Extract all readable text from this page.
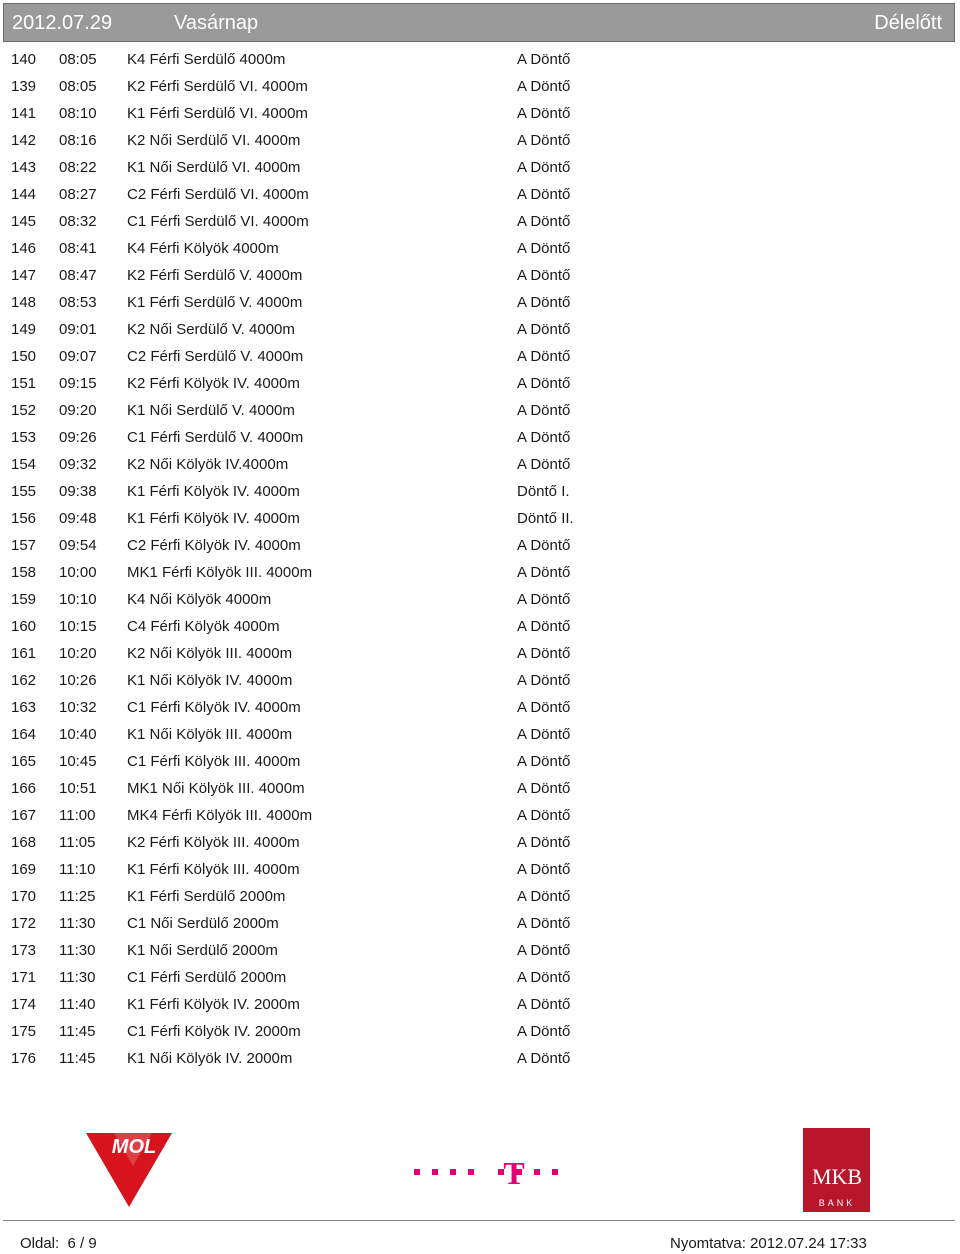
2012.07.29	Vasárnap	Délelőtt
140 08:05 K4 Férfi Serdülő 4000m	A Döntő
139 08:05 K2 Férfi Serdülő VI. 4000m	A Döntő
141 08:10 K1 Férfi Serdülő VI. 4000m	A Döntő
142 08:16 K2 Női Serdülő VI. 4000m	A Döntő
143 08:22 K1 Női Serdülő VI. 4000m	A Döntő
144 08:27 C2 Férfi Serdülő VI. 4000m	A Döntő
145 08:32 C1 Férfi Serdülő VI. 4000m	A Döntő
146 08:41 K4 Férfi Kölyök 4000m	A Döntő
147 08:47 K2 Férfi Serdülő V. 4000m	A Döntő
148 08:53 K1 Férfi Serdülő V. 4000m	A Döntő
149 09:01 K2 Női Serdülő V. 4000m	A Döntő
150 09:07 C2 Férfi Serdülő V. 4000m	A Döntő
151 09:15 K2 Férfi Kölyök IV. 4000m	A Döntő
152 09:20 K1 Női Serdülő V. 4000m	A Döntő
153 09:26 C1 Férfi Serdülő V. 4000m	A Döntő
154 09:32 K2 Női Kölyök IV.4000m	A Döntő
155 09:38 K1 Férfi Kölyök IV. 4000m	Döntő I.
156 09:48 K1 Férfi Kölyök IV. 4000m	Döntő II.
157 09:54 C2 Férfi Kölyök IV. 4000m	A Döntő
158 10:00 MK1 Férfi Kölyök III. 4000m	A Döntő
159 10:10 K4 Női Kölyök 4000m	A Döntő
160 10:15 C4 Férfi Kölyök 4000m	A Döntő
161 10:20 K2 Női Kölyök III. 4000m	A Döntő
162 10:26 K1 Női Kölyök IV. 4000m	A Döntő
163 10:32 C1 Férfi Kölyök IV. 4000m	A Döntő
164 10:40 K1 Női Kölyök III. 4000m	A Döntő
165 10:45 C1 Férfi Kölyök III. 4000m	A Döntő
166 10:51 MK1 Női Kölyök III. 4000m	A Döntő
167 11:00 MK4 Férfi Kölyök III. 4000m	A Döntő
168 11:05 K2 Férfi Kölyök III. 4000m	A Döntő
169 11:10 K1 Férfi Kölyök III. 4000m	A Döntő
170 11:25 K1 Férfi Serdülő 2000m	A Döntő
172 11:30 C1 Női Serdülő 2000m	A Döntő
173 11:30 K1 Női Serdülő 2000m	A Döntő
171 11:30 C1 Férfi Serdülő 2000m	A Döntő
174 11:40 K1 Férfi Kölyök IV. 2000m	A Döntő
175 11:45 C1 Férfi Kölyök IV. 2000m	A Döntő
176 11:45 K1 Női Kölyök IV. 2000m	A Döntő
MOL
T	MKB
BANK
Oldal: 6 / 9	Nyomtatva: 2012.07.24 17:33
